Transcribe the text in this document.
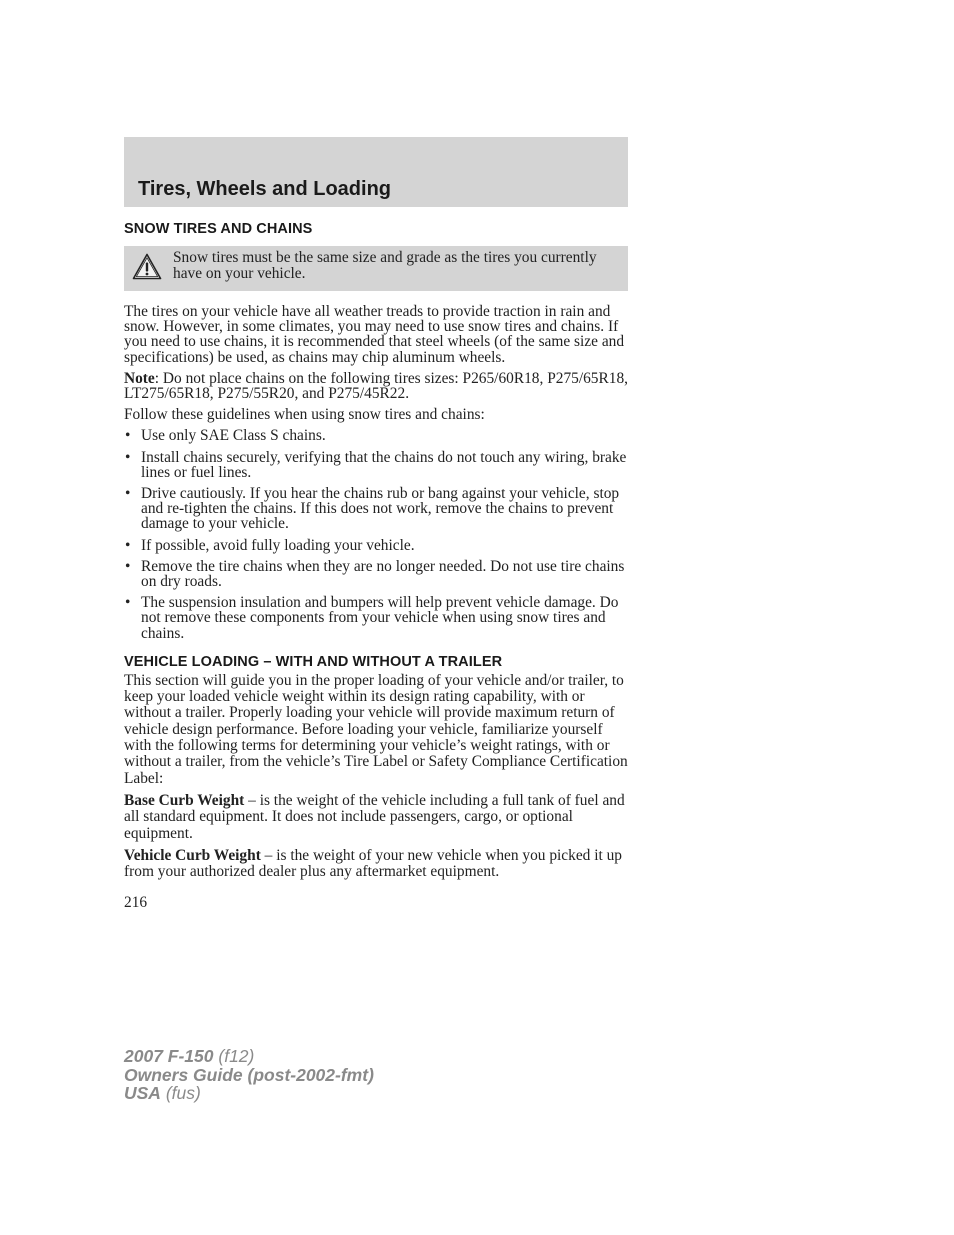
Tires, Wheels and Loading
SNOW TIRES AND CHAINS
Snow tires must be the same size and grade as the tires you currently have on your vehicle.

The tires on your vehicle have all weather treads to provide traction in rain and snow. However, in some climates, you may need to use snow tires and chains. If you need to use chains, it is recommended that steel wheels (of the same size and specifications) be used, as chains may chip aluminum wheels.

Note: Do not place chains on the following tires sizes: P265/60R18, P275/65R18, LT275/65R18, P275/55R20, and P275/45R22.

Follow these guidelines when using snow tires and chains:

• Use only SAE Class S chains.
• Install chains securely, verifying that the chains do not touch any wiring, brake lines or fuel lines.
• Drive cautiously. If you hear the chains rub or bang against your vehicle, stop and re-tighten the chains. If this does not work, remove the chains to prevent damage to your vehicle.
• If possible, avoid fully loading your vehicle.
• Remove the tire chains when they are no longer needed. Do not use tire chains on dry roads.
• The suspension insulation and bumpers will help prevent vehicle damage. Do not remove these components from your vehicle when using snow tires and chains.
VEHICLE LOADING – WITH AND WITHOUT A TRAILER

This section will guide you in the proper loading of your vehicle and/or trailer, to keep your loaded vehicle weight within its design rating capability, with or without a trailer. Properly loading your vehicle will provide maximum return of vehicle design performance. Before loading your vehicle, familiarize yourself with the following terms for determining your vehicle’s weight ratings, with or without a trailer, from the vehicle’s Tire Label or Safety Compliance Certification Label:

Base Curb Weight – is the weight of the vehicle including a full tank of fuel and all standard equipment. It does not include passengers, cargo, or optional equipment.

Vehicle Curb Weight – is the weight of your new vehicle when you picked it up from your authorized dealer plus any aftermarket equipment.

216

2007 F-150 (f12)
Owners Guide (post-2002-fmt)
USA (fus)
